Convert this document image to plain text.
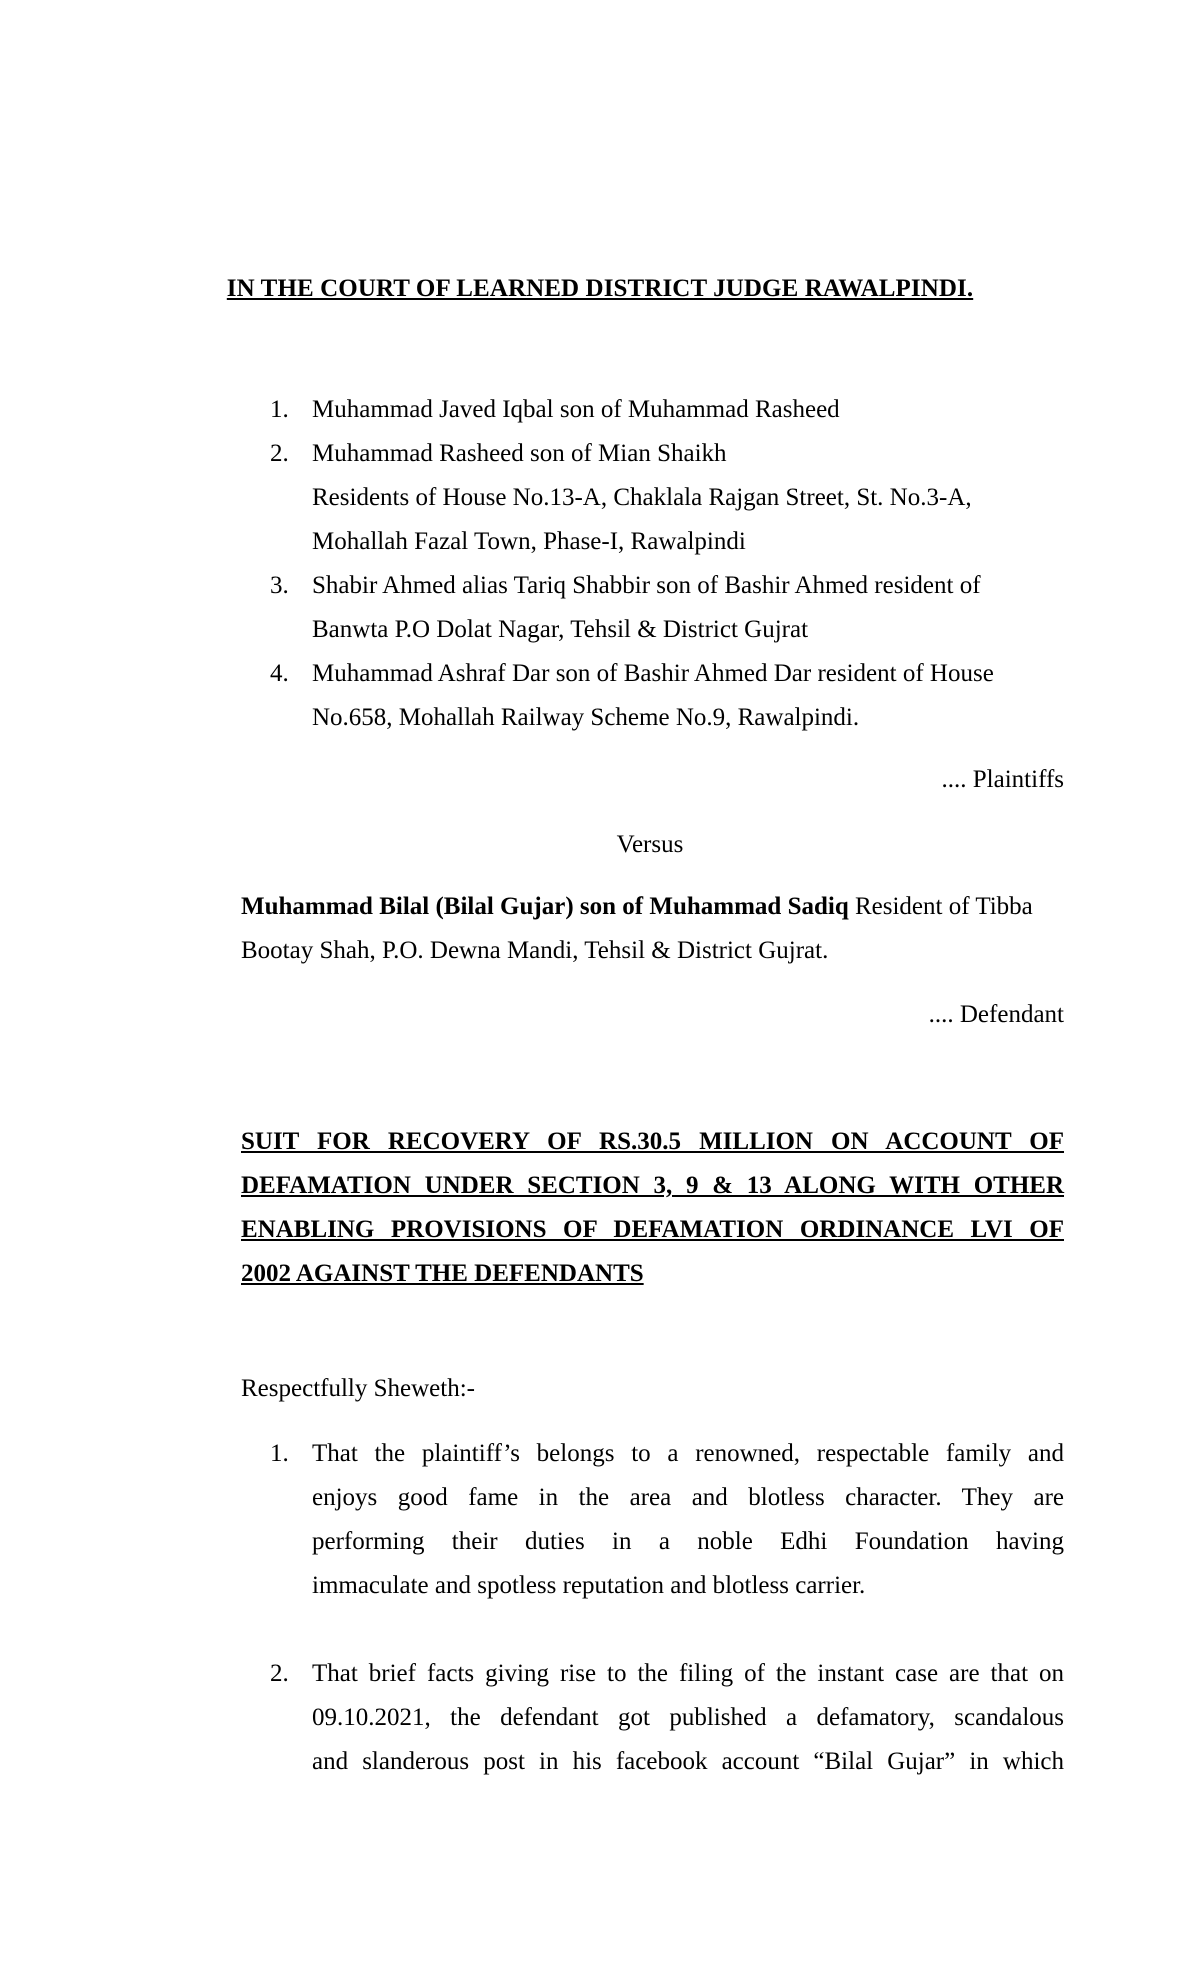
IN THE COURT OF LEARNED DISTRICT JUDGE RAWALPINDI.
1. Muhammad Javed Iqbal son of Muhammad Rasheed
2. Muhammad Rasheed son of Mian Shaikh
Residents of House No.13-A, Chaklala Rajgan Street, St. No.3-A,
Mohallah Fazal Town, Phase-I, Rawalpindi
3. Shabir Ahmed alias Tariq Shabbir son of Bashir Ahmed resident of
Banwta P.O Dolat Nagar, Tehsil & District Gujrat
4. Muhammad Ashraf Dar son of Bashir Ahmed Dar resident of House
No.658, Mohallah Railway Scheme No.9, Rawalpindi.
.... Plaintiffs
Versus
Muhammad Bilal (Bilal Gujar) son of Muhammad Sadiq Resident of Tibba
Bootay Shah, P.O. Dewna Mandi, Tehsil & District Gujrat.
.... Defendant
SUIT FOR RECOVERY OF RS.30.5 MILLION ON ACCOUNT OF
DEFAMATION UNDER SECTION 3, 9 & 13 ALONG WITH OTHER
ENABLING PROVISIONS OF DEFAMATION ORDINANCE LVI OF
2002 AGAINST THE DEFENDANTS
Respectfully Sheweth:-
1. That the plaintiff’s belongs to a renowned, respectable family and
enjoys good fame in the area and blotless character. They are
performing their duties in a noble Edhi Foundation having
immaculate and spotless reputation and blotless carrier.
2. That brief facts giving rise to the filing of the instant case are that on
09.10.2021, the defendant got published a defamatory, scandalous
and slanderous post in his facebook account “Bilal Gujar” in which
